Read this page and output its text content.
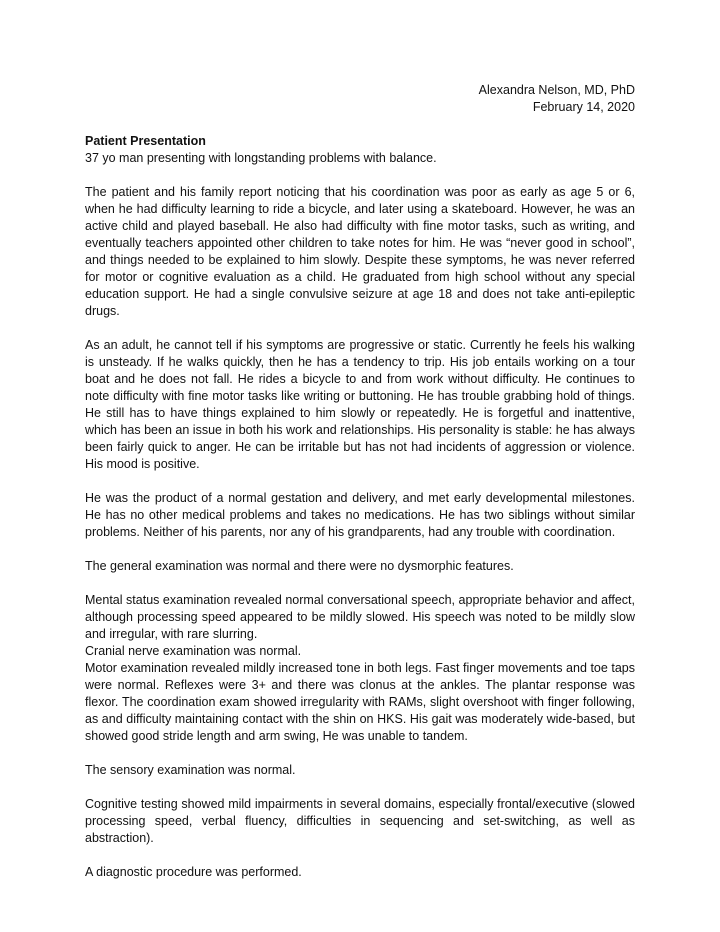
Alexandra Nelson, MD, PhD
February 14, 2020
Patient Presentation
37 yo man presenting with longstanding problems with balance.
The patient and his family report noticing that his coordination was poor as early as age 5 or 6, when he had difficulty learning to ride a bicycle, and later using a skateboard. However, he was an active child and played baseball. He also had difficulty with fine motor tasks, such as writing, and eventually teachers appointed other children to take notes for him. He was “never good in school”, and things needed to be explained to him slowly. Despite these symptoms, he was never referred for motor or cognitive evaluation as a child. He graduated from high school without any special education support. He had a single convulsive seizure at age 18 and does not take anti-epileptic drugs.
As an adult, he cannot tell if his symptoms are progressive or static. Currently he feels his walking is unsteady. If he walks quickly, then he has a tendency to trip. His job entails working on a tour boat and he does not fall. He rides a bicycle to and from work without difficulty. He continues to note difficulty with fine motor tasks like writing or buttoning. He has trouble grabbing hold of things. He still has to have things explained to him slowly or repeatedly. He is forgetful and inattentive, which has been an issue in both his work and relationships. His personality is stable: he has always been fairly quick to anger. He can be irritable but has not had incidents of aggression or violence. His mood is positive.
He was the product of a normal gestation and delivery, and met early developmental milestones. He has no other medical problems and takes no medications. He has two siblings without similar problems. Neither of his parents, nor any of his grandparents, had any trouble with coordination.
The general examination was normal and there were no dysmorphic features.
Mental status examination revealed normal conversational speech, appropriate behavior and affect, although processing speed appeared to be mildly slowed. His speech was noted to be mildly slow and irregular, with rare slurring.
Cranial nerve examination was normal.
Motor examination revealed mildly increased tone in both legs. Fast finger movements and toe taps were normal. Reflexes were 3+ and there was clonus at the ankles. The plantar response was flexor. The coordination exam showed irregularity with RAMs, slight overshoot with finger following, as and difficulty maintaining contact with the shin on HKS. His gait was moderately wide-based, but showed good stride length and arm swing, He was unable to tandem.
The sensory examination was normal.
Cognitive testing showed mild impairments in several domains, especially frontal/executive (slowed processing speed, verbal fluency, difficulties in sequencing and set-switching, as well as abstraction).
A diagnostic procedure was performed.
